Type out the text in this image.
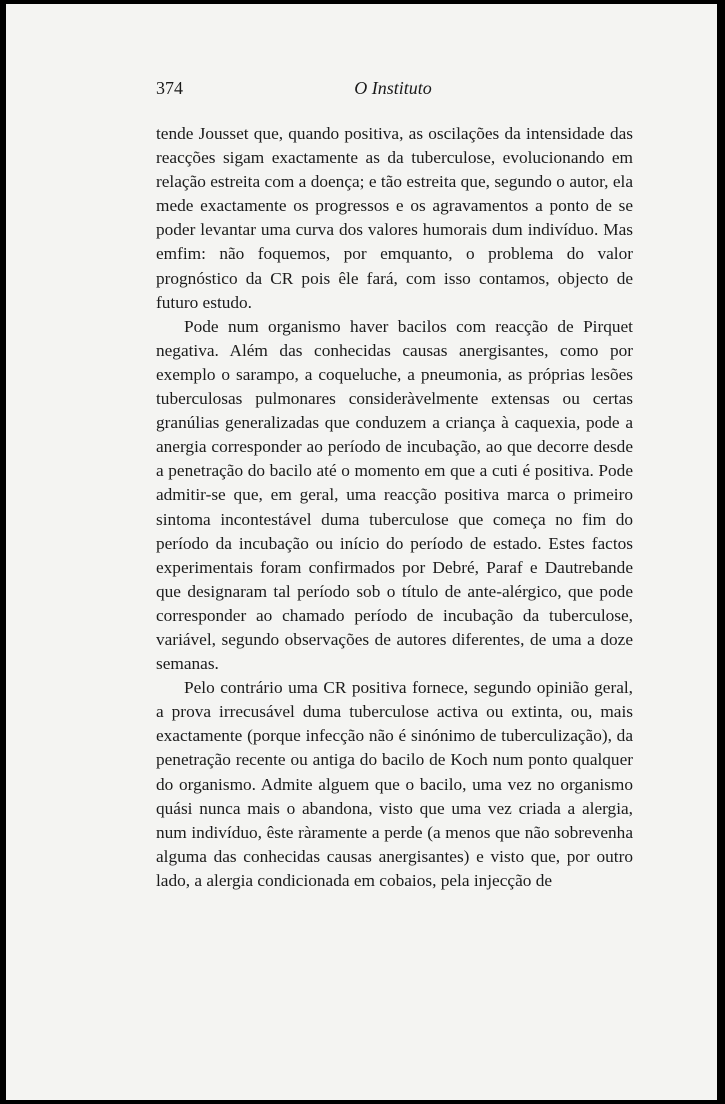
374	O Instituto

tende Jousset que, quando positiva, as oscilações da intensidade das reacções sigam exactamente as da tuberculose, evolucionando em relação estreita com a doença; e tão estreita que, segundo o autor, ela mede exactamente os progressos e os agravamentos a ponto de se poder levantar uma curva dos valores humorais dum indivíduo. Mas emfim: não foquemos, por emquanto, o problema do valor prognóstico da CR pois êle fará, com isso contamos, objecto de futuro estudo.

Pode num organismo haver bacilos com reacção de Pirquet negativa. Além das conhecidas causas anergisantes, como por exemplo o sarampo, a coqueluche, a pneumonia, as próprias lesões tuberculosas pulmonares consideràvelmente extensas ou certas granúlias generalizadas que conduzem a criança à caquexia, pode a anergia corresponder ao período de incubação, ao que decorre desde a penetração do bacilo até o momento em que a cuti é positiva. Pode admitir-se que, em geral, uma reacção positiva marca o primeiro sintoma incontestável duma tuberculose que começa no fim do período da incubação ou início do período de estado. Estes factos experimentais foram confirmados por Debré, Paraf e Dautrebande que designaram tal período sob o título de ante-alérgico, que pode corresponder ao chamado período de incubação da tuberculose, variável, segundo observações de autores diferentes, de uma a doze semanas.

Pelo contrário uma CR positiva fornece, segundo opinião geral, a prova irrecusável duma tuberculose activa ou extinta, ou, mais exactamente (porque infecção não é sinónimo de tuberculização), da penetração recente ou antiga do bacilo de Koch num ponto qualquer do organismo. Admite alguem que o bacilo, uma vez no organismo quási nunca mais o abandona, visto que uma vez criada a alergia, num indivíduo, êste ràramente a perde (a menos que não sobrevenha alguma das conhecidas causas anergisantes) e visto que, por outro lado, a alergia condicionada em cobaios, pela injecção de
